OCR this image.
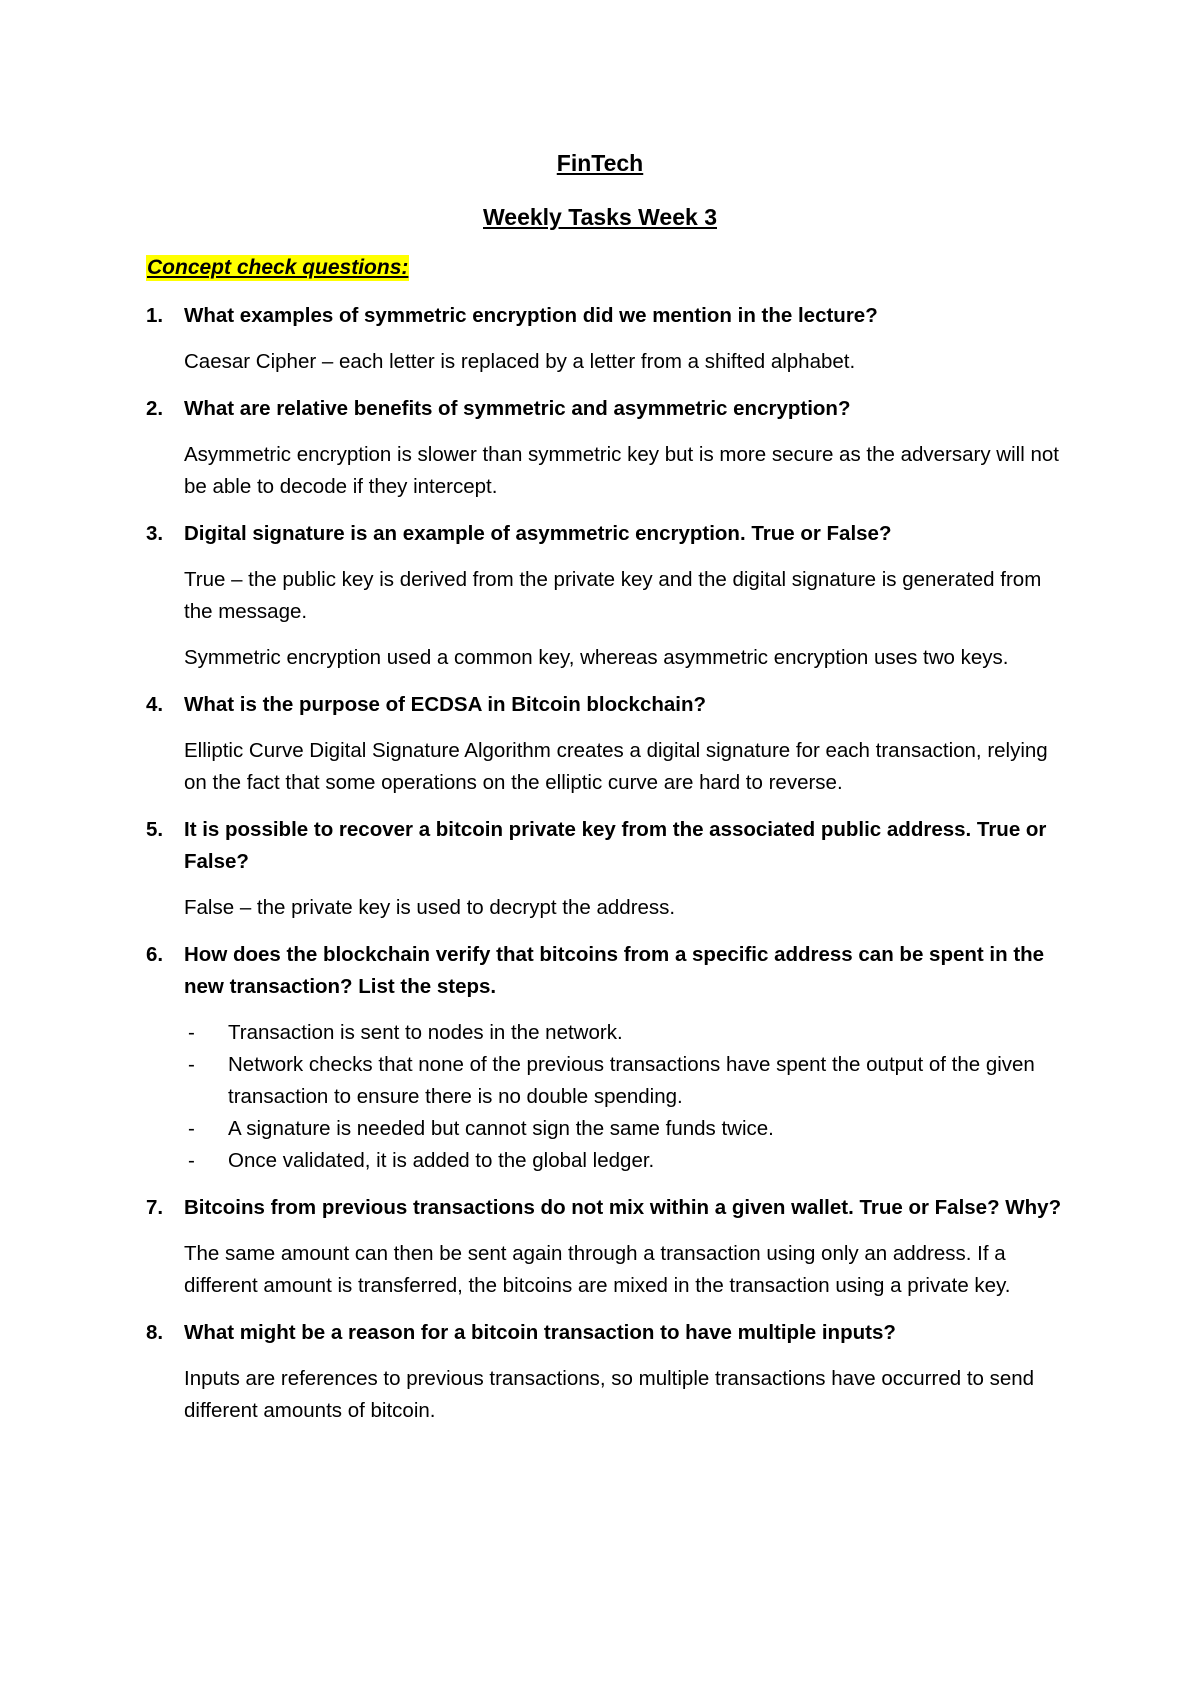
FinTech
Weekly Tasks Week 3
Concept check questions:
1. What examples of symmetric encryption did we mention in the lecture?
Caesar Cipher – each letter is replaced by a letter from a shifted alphabet.
2. What are relative benefits of symmetric and asymmetric encryption?
Asymmetric encryption is slower than symmetric key but is more secure as the adversary will not be able to decode if they intercept.
3. Digital signature is an example of asymmetric encryption. True or False?
True – the public key is derived from the private key and the digital signature is generated from the message.
Symmetric encryption used a common key, whereas asymmetric encryption uses two keys.
4. What is the purpose of ECDSA in Bitcoin blockchain?
Elliptic Curve Digital Signature Algorithm creates a digital signature for each transaction, relying on the fact that some operations on the elliptic curve are hard to reverse.
5. It is possible to recover a bitcoin private key from the associated public address. True or False?
False – the private key is used to decrypt the address.
6. How does the blockchain verify that bitcoins from a specific address can be spent in the new transaction? List the steps.
- Transaction is sent to nodes in the network.
- Network checks that none of the previous transactions have spent the output of the given transaction to ensure there is no double spending.
- A signature is needed but cannot sign the same funds twice.
- Once validated, it is added to the global ledger.
7. Bitcoins from previous transactions do not mix within a given wallet. True or False? Why?
The same amount can then be sent again through a transaction using only an address. If a different amount is transferred, the bitcoins are mixed in the transaction using a private key.
8. What might be a reason for a bitcoin transaction to have multiple inputs?
Inputs are references to previous transactions, so multiple transactions have occurred to send different amounts of bitcoin.
